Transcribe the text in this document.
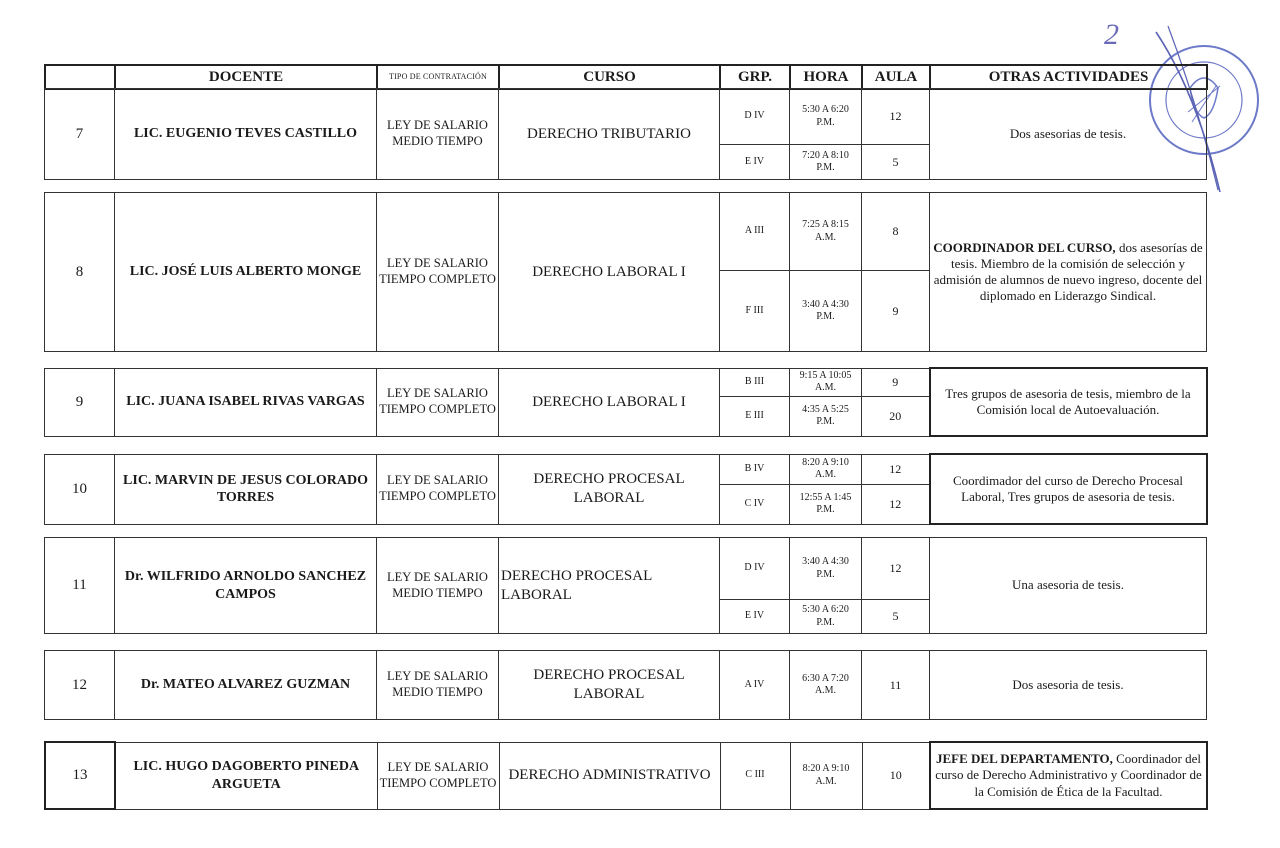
2
	DOCENTE	TIPO DE CONTRATACIÓN	CURSO	GRP.	HORA	AULA	OTRAS ACTIVIDADES
7	LIC. EUGENIO TEVES CASTILLO	LEY DE SALARIO MEDIO TIEMPO	DERECHO TRIBUTARIO	D IV	5:30 A 6:20 P.M.	12	Dos asesorias de tesis.
				E IV	7:20 A 8:10 P.M.	5	
8	LIC. JOSÉ LUIS ALBERTO MONGE	LEY DE SALARIO TIEMPO COMPLETO	DERECHO LABORAL I	A III	7:25 A 8:15 A.M.	8	COORDINADOR DEL CURSO, dos asesorías de tesis. Miembro de la comisión de selección y admisión de alumnos de nuevo ingreso, docente del diplomado en Liderazgo Sindical.
				F III	3:40 A 4:30 P.M.	9	
9	LIC. JUANA ISABEL RIVAS VARGAS	LEY DE SALARIO TIEMPO COMPLETO	DERECHO LABORAL I	B III	9:15 A 10:05 A.M.	9	Tres grupos de asesoria de tesis, miembro de la Comisión local de Autoevaluación.
				E III	4:35 A 5:25 P.M.	20	
10	LIC. MARVIN DE JESUS COLORADO TORRES	LEY DE SALARIO TIEMPO COMPLETO	DERECHO PROCESAL LABORAL	B IV	8:20 A 9:10 A.M.	12	Coordimador del curso de Derecho Procesal Laboral, Tres grupos de asesoria de tesis.
				C IV	12:55 A 1:45 P.M.	12	
11	Dr. WILFRIDO ARNOLDO SANCHEZ CAMPOS	LEY DE SALARIO MEDIO TIEMPO	DERECHO PROCESAL LABORAL	D IV	3:40 A 4:30 P.M.	12	Una asesoria de tesis.
				E IV	5:30 A 6:20 P.M.	5	
12	Dr. MATEO ALVAREZ GUZMAN	LEY DE SALARIO MEDIO TIEMPO	DERECHO PROCESAL LABORAL	A IV	6:30 A 7:20 A.M.	11	Dos asesoria de tesis.
13	LIC. HUGO DAGOBERTO PINEDA ARGUETA	LEY DE SALARIO TIEMPO COMPLETO	DERECHO ADMINISTRATIVO	C III	8:20 A 9:10 A.M.	10	JEFE DEL DEPARTAMENTO, Coordinador del curso de Derecho Administrativo y Coordinador de la Comisión de Ética de la Facultad.
